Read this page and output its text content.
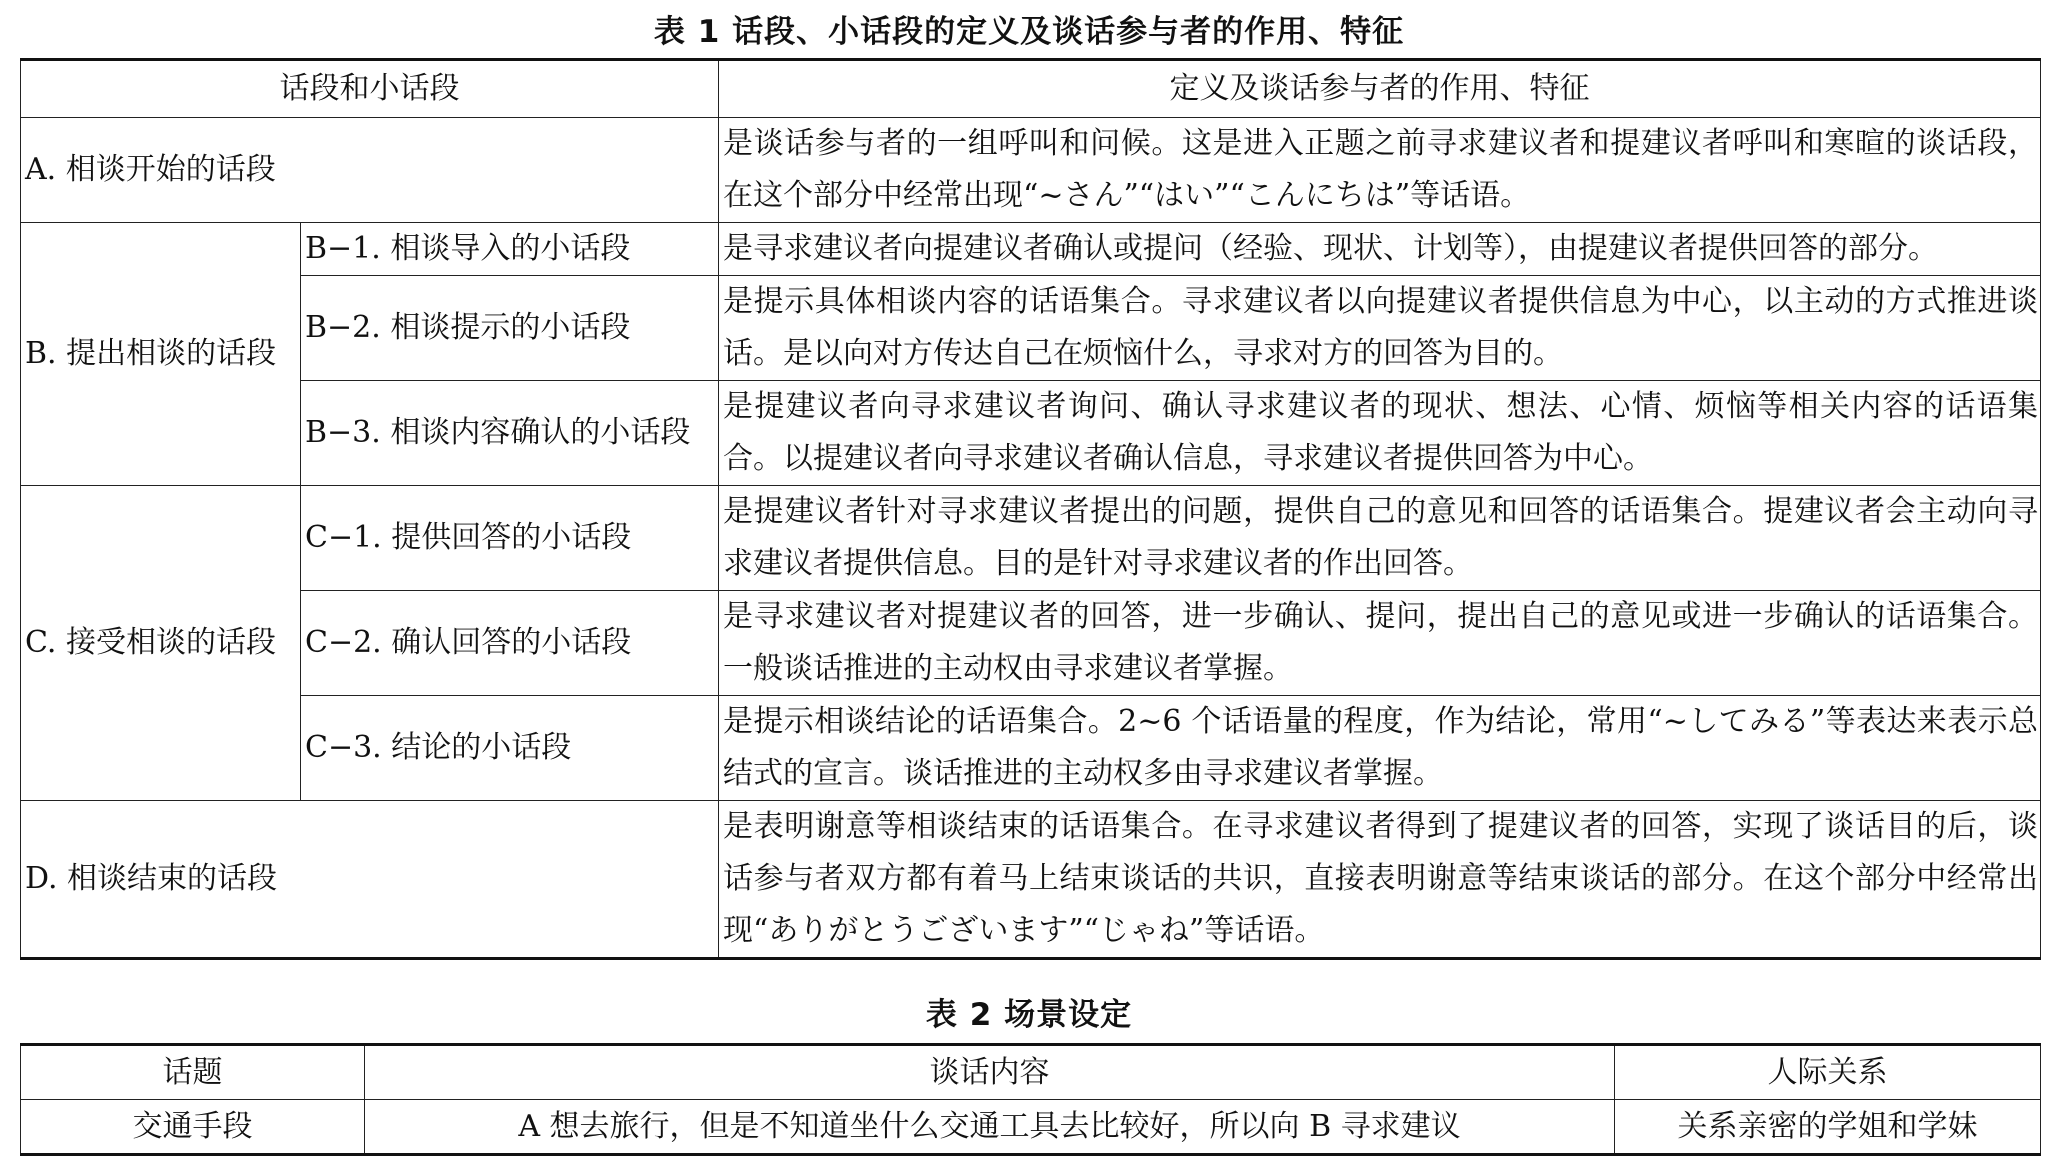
表 1 话段、小话段的定义及谈话参与者的作用、特征
话段和小话段		定义及谈话参与者的作用、特征
A. 相谈开始的话段		是谈话参与者的一组呼叫和问候。这是进入正题之前寻求建议者和提建议者呼叫和寒暄的谈话段，在这个部分中经常出现“~さん”“はい”“こんにちは”等话语。
B. 提出相谈的话段	B−1. 相谈导入的小话段	是寻求建议者向提建议者确认或提问（经验、现状、计划等），由提建议者提供回答的部分。
	B−2. 相谈提示的小话段	是提示具体相谈内容的话语集合。寻求建议者以向提建议者提供信息为中心，以主动的方式推进谈话。是以向对方传达自己在烦恼什么，寻求对方的回答为目的。
	B−3. 相谈内容确认的小话段	是提建议者向寻求建议者询问、确认寻求建议者的现状、想法、心情、烦恼等相关内容的话语集合。以提建议者向寻求建议者确认信息，寻求建议者提供回答为中心。
C. 接受相谈的话段	C−1. 提供回答的小话段	是提建议者针对寻求建议者提出的问题，提供自己的意见和回答的话语集合。提建议者会主动向寻求建议者提供信息。目的是针对寻求建议者的作出回答。
	C−2. 确认回答的小话段	是寻求建议者对提建议者的回答，进一步确认、提问，提出自己的意见或进一步确认的话语集合。一般谈话推进的主动权由寻求建议者掌握。
	C−3. 结论的小话段	是提示相谈结论的话语集合。2~6 个话语量的程度，作为结论，常用“~してみる”等表达来表示总结式的宣言。谈话推进的主动权多由寻求建议者掌握。
D. 相谈结束的话段		是表明谢意等相谈结束的话语集合。在寻求建议者得到了提建议者的回答，实现了谈话目的后，谈话参与者双方都有着马上结束谈话的共识，直接表明谢意等结束谈话的部分。在这个部分中经常出现“ありがとうございます”“じゃね”等话语。
表 2 场景设定
话题	谈话内容	人际关系
交通手段	A 想去旅行，但是不知道坐什么交通工具去比较好，所以向 B 寻求建议	关系亲密的学姐和学妹
